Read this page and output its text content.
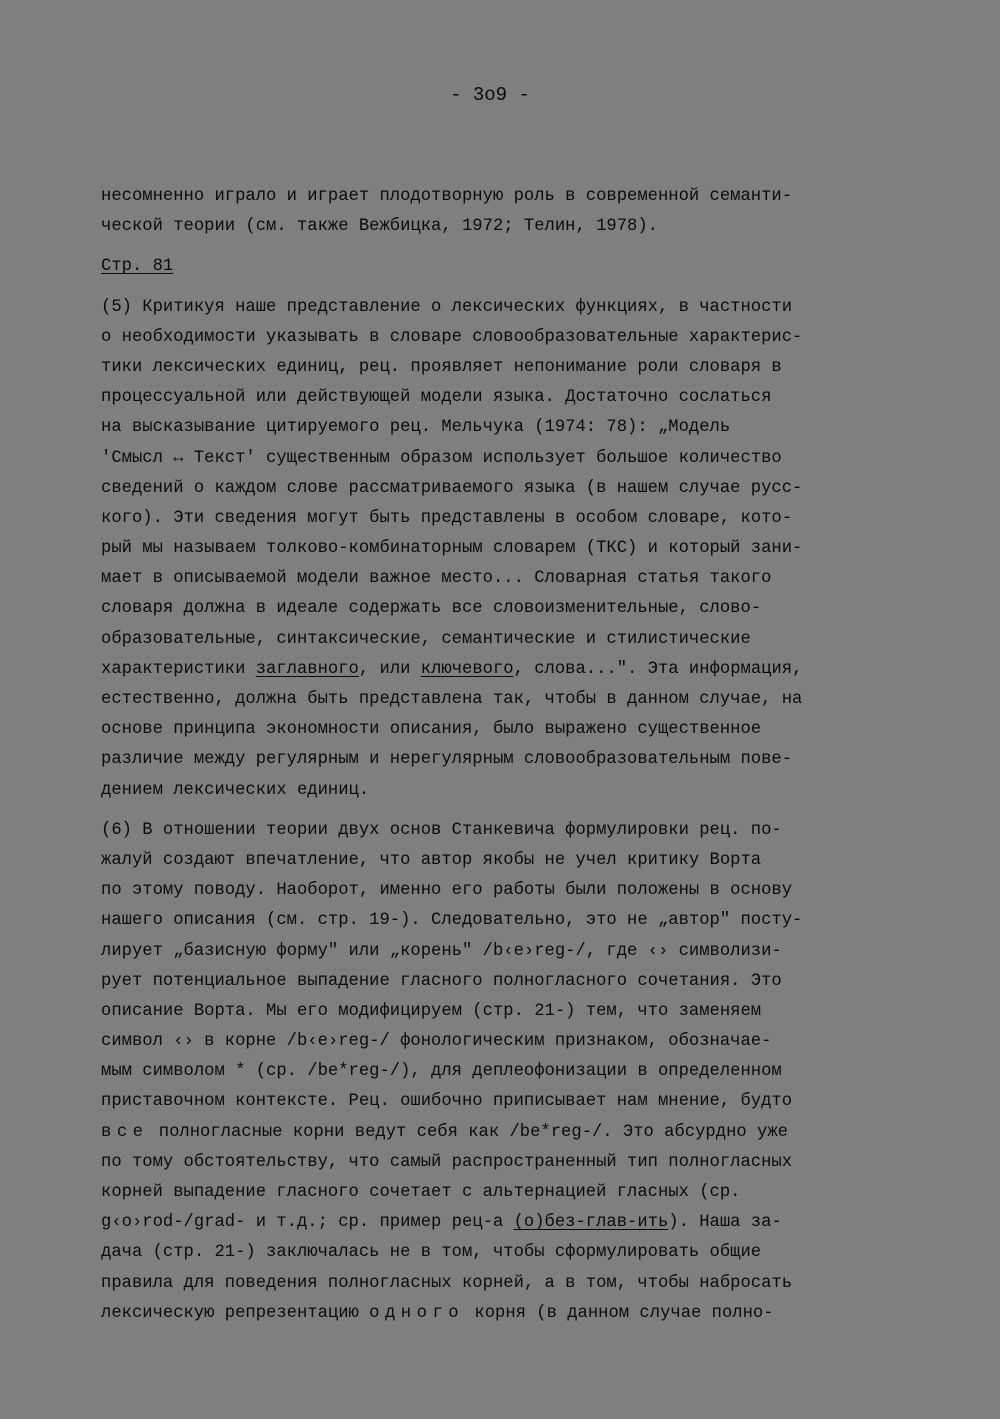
- 3o9 -
несомненно играло и играет плодотворную роль в современной семанти-
ческой теории (см. также Вежбицка, 1972; Телин, 1978).
Стр. 81
(5) Критикуя наше представление о лексических функциях, в частности
о необходимости указывать в словаре словообразовательные характерис-
тики лексических единиц, рец. проявляет непонимание роли словаря в
процессуальной или действующей модели языка. Достаточно сослаться
на высказывание цитируемого рец. Мельчука (1974: 78): „Модель
'Смысл ↔ Текст' существенным образом использует большое количество
сведений о каждом слове рассматриваемого языка (в нашем случае русс-
кого). Эти сведения могут быть представлены в особом словаре, кото-
рый мы называем толково-комбинаторным словарем (ТКС) и который зани-
мает в описываемой модели важное место... Словарная статья такого
словаря должна в идеале содержать все словоизменительные, слово-
образовательные, синтаксические, семантические и стилистические
характеристики заглавного, или ключевого, слова...". Эта информация,
естественно, должна быть представлена так, чтобы в данном случае, на
основе принципа экономности описания, было выражено существенное
различие между регулярным и нерегулярным словообразовательным пове-
дением лексических единиц.
(6) В отношении теории двух основ Станкевича формулировки рец. по-
жалуй создают впечатление, что автор якобы не учел критику Ворта
по этому поводу. Наоборот, именно его работы были положены в основу
нашего описания (см. стр. 19-). Следовательно, это не „автор" посту-
лирует „базисную форму" или „корень" /b‹e›reg-/, где ‹› символизи-
рует потенциальное выпадение гласного полногласного сочетания. Это
описание Ворта. Мы его модифицируем (стр. 21-) тем, что заменяем
символ ‹› в корне /b‹e›reg-/ фонологическим признаком, обозначае-
мым символом * (ср. /be*reg-/), для деплеофонизации в определенном
приставочном контексте. Рец. ошибочно приписывает нам мнение, будто
все полногласные корни ведут себя как /be*reg-/. Это абсурдно уже
по тому обстоятельству, что самый распространенный тип полногласных
корней выпадение гласного сочетает с альтернацией гласных (ср.
g‹o›rod-/grad- и т.д.; ср. пример рец-а (о)без-глав-ить). Наша за-
дача (стр. 21-) заключалась не в том, чтобы сформулировать общие
правила для поведения полногласных корней, а в том, чтобы набросать
лексическую репрезентацию одного корня (в данном случае полно-
